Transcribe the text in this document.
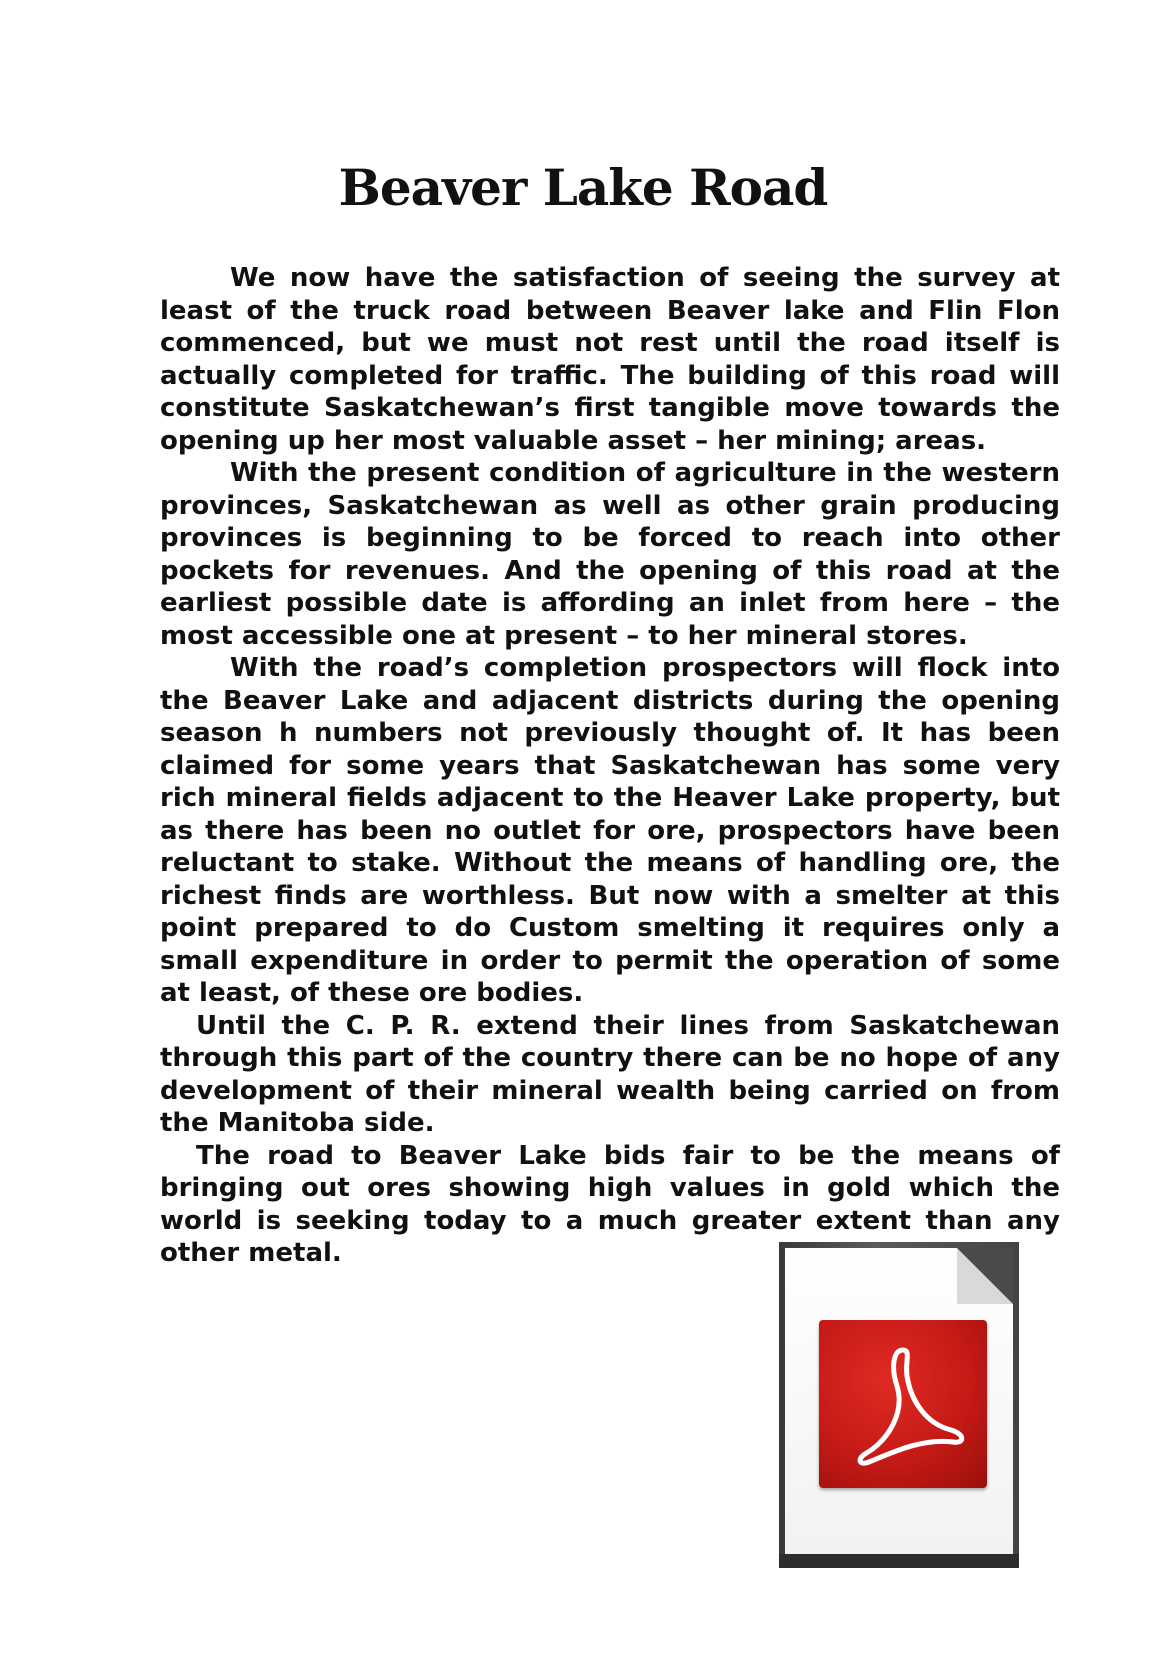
Beaver Lake Road

We now have the satisfaction of seeing the survey at least of the truck road between Beaver lake and Flin Flon commenced, but we must not rest until the road itself is actually completed for traffic. The building of this road will constitute Saskatchewan’s first tangible move towards the opening up her most valuable asset – her mining; areas.

With the present condition of agriculture in the western provinces, Saskatchewan as well as other grain producing provinces is beginning to be forced to reach into other pockets for revenues. And the opening of this road at the earliest possible date is affording an inlet from here – the most accessible one at present – to her mineral stores.

With the road’s completion prospectors will flock into the Beaver Lake and adjacent districts during the opening season h numbers not previously thought of. It has been claimed for some years that Saskatchewan has some very rich mineral fields adjacent to the Heaver Lake property, but as there has been no outlet for ore, prospectors have been reluctant to stake. Without the means of handling ore, the richest finds are worthless. But now with a smelter at this point prepared to do Custom smelting it requires only a small expenditure in order to permit the operation of some at least, of these ore bodies.

Until the C. P. R. extend their lines from Saskatchewan through this part of the country there can be no hope of any development of their mineral wealth being carried on from the Manitoba side.

The road to Beaver Lake bids fair to be the means of bringing out ores showing high values in gold which the world is seeking today to a much greater extent than any other metal.
